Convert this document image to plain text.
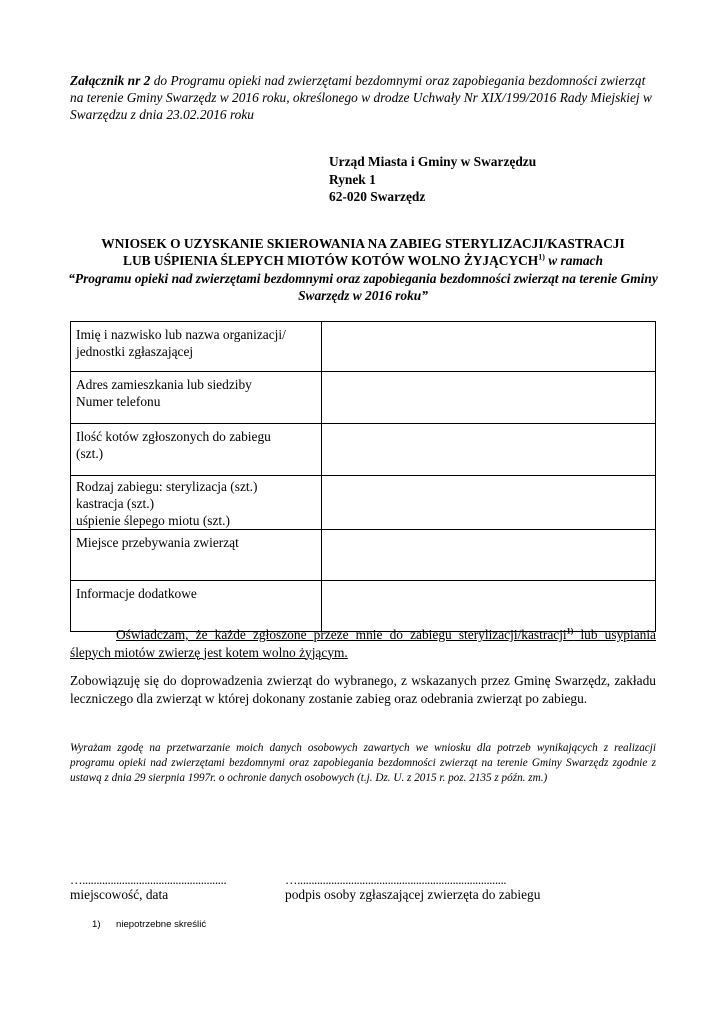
Załącznik nr 2 do Programu opieki nad zwierzętami bezdomnymi oraz zapobiegania bezdomności zwierząt na terenie Gminy Swarzędz w 2016 roku, określonego w drodze Uchwały Nr XIX/199/2016 Rady Miejskiej w Swarzędzu z dnia 23.02.2016 roku
Urząd Miasta i Gminy w Swarzędzu
Rynek 1
62-020 Swarzędz
WNIOSEK O UZYSKANIE SKIEROWANIA NA ZABIEG STERYLIZACJI/KASTRACJI
LUB UŚPIENIA ŚLEPYCH MIOTÓW KOTÓW WOLNO ŻYJĄCYCH$^{1)}$ w ramach
“Programu opieki nad zwierzętami bezdomnymi oraz zapobiegania bezdomności zwierząt na terenie Gminy Swarzędz w 2016 roku”
Imię i nazwisko lub nazwa organizacji/
jednostki zgłaszającej	

Adres zamieszkania lub siedziby
Numer telefonu	

Ilość kotów zgłoszonych do zabiegu
(szt.)	

Rodzaj zabiegu: sterylizacja (szt.)
kastracja (szt.)
uśpienie ślepego miotu (szt.)	

Miejsce przebywania zwierząt	

Informacje dodatkowe	

Oświadczam, że każde zgłoszone przeze mnie do zabiegu sterylizacji/kastracji$^{1)}$ lub usypiania ślepych miotów zwierzę jest kotem wolno żyjącym.
Zobowiązuję się do doprowadzenia zwierząt do wybranego, z wskazanych przez Gminę Swarzędz, zakładu leczniczego dla zwierząt w której dokonany zostanie zabieg oraz odebrania zwierząt po zabiegu.
Wyrażam zgodę na przetwarzanie moich danych osobowych zawartych we wniosku dla potrzeb wynikających z realizacji programu opieki nad zwierzętami bezdomnymi oraz zapobiegania bezdomności zwierząt na terenie Gminy Swarzędz zgodnie z ustawą z dnia 29 sierpnia 1997r. o ochronie danych osobowych (t.j. Dz. U. z 2015 r. poz. 2135 z późn. zm.)
…...................................................
miejscowość, data
…..........................................................................
podpis osoby zgłaszającej zwierzęta do zabiegu
1) niepotrzebne skreślić
